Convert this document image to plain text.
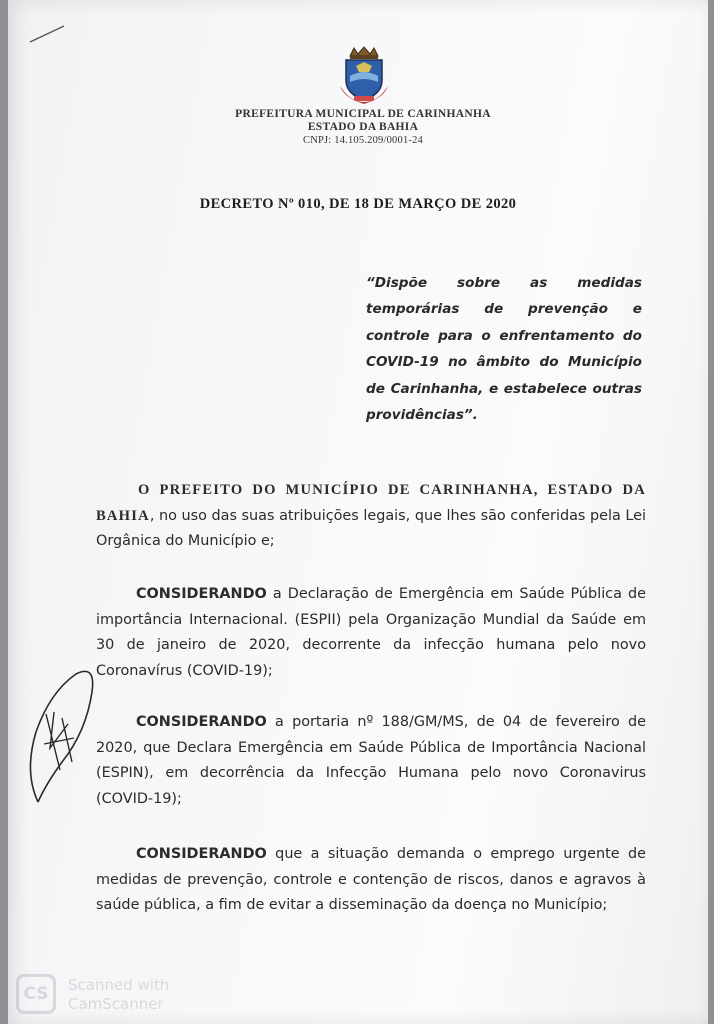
PREFEITURA MUNICIPAL DE CARINHANHA
ESTADO DA BAHIA
CNPJ: 14.105.209/0001-24
DECRETO Nº 010, DE 18 DE MARÇO DE 2020
“Dispõe sobre as medidas temporárias de prevenção e controle para o enfrentamento do COVID-19 no âmbito do Município de Carinhanha, e estabelece outras providências”.
O PREFEITO DO MUNICÍPIO DE CARINHANHA, ESTADO DA BAHIA, no uso das suas atribuições legais, que lhes são conferidas pela Lei Orgânica do Município e;
CONSIDERANDO a Declaração de Emergência em Saúde Pública de importância Internacional. (ESPII) pela Organização Mundial da Saúde em 30 de janeiro de 2020, decorrente da infecção humana pelo novo Coronavírus (COVID-19);
CONSIDERANDO a portaria nº 188/GM/MS, de 04 de fevereiro de 2020, que Declara Emergência em Saúde Pública de Importância Nacional (ESPIN), em decorrência da Infecção Humana pelo novo Coronavirus (COVID-19);
CONSIDERANDO que a situação demanda o emprego urgente de medidas de prevenção, controle e contenção de riscos, danos e agravos à saúde pública, a fim de evitar a disseminação da doença no Município;
CS	Scanned with
CamScanner
